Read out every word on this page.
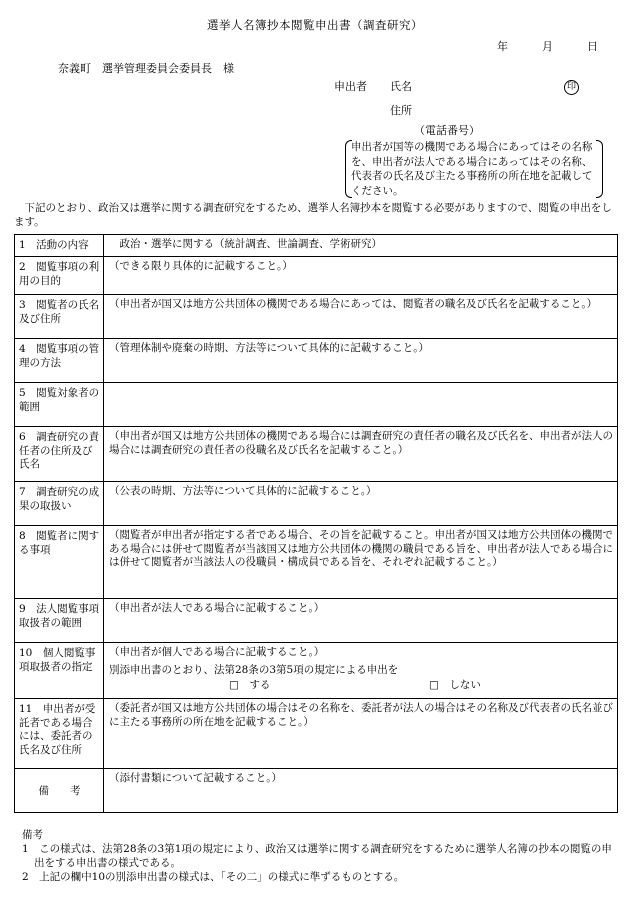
選挙人名簿抄本閲覧申出書（調査研究）
年	月	日
奈義町　選挙管理委員会委員長　様
申出者 氏名	印
住所
（電話番号）
申出者が国等の機関である場合にあってはその名称を、申出者が法人である場合にあってはその名称、代表者の氏名及び主たる事務所の所在地を記載してください。
下記のとおり、政治又は選挙に関する調査研究をするため、選挙人名簿抄本を閲覧する必要がありますので、閲覧の申出をします。
1　活動の内容	　政治・選挙に関する（統計調査、世論調査、学術研究）
2　閲覧事項の利用の目的	（できる限り具体的に記載すること。）
3　閲覧者の氏名及び住所	（申出者が国又は地方公共団体の機関である場合にあっては、閲覧者の職名及び氏名を記載すること。）
4　閲覧事項の管理の方法	（管理体制や廃棄の時期、方法等について具体的に記載すること。）
5　閲覧対象者の範囲	
6　調査研究の責任者の住所及び氏名	（申出者が国又は地方公共団体の機関である場合には調査研究の責任者の職名及び氏名を、申出者が法人の場合には調査研究の責任者の役職名及び氏名を記載すること。）
7　調査研究の成果の取扱い	（公表の時期、方法等について具体的に記載すること。）
8　閲覧者に関する事項	（閲覧者が申出者が指定する者である場合、その旨を記載すること。申出者が国又は地方公共団体の機関である場合には併せて閲覧者が当該国又は地方公共団体の機関の職員である旨を、申出者が法人である場合には併せて閲覧者が当該法人の役職員・構成員である旨を、それぞれ記載すること。）
9　法人閲覧事項取扱者の範囲	（申出者が法人である場合に記載すること。）
10　個人閲覧事項取扱者の指定	（申出者が個人である場合に記載すること。）
別添申出書のとおり、法第28条の3第5項の規定による申出を
□　する □　しない

11　申出者が受託者である場合には、委託者の氏名及び住所	（委託者が国又は地方公共団体の場合はその名称を、委託者が法人の場合はその名称及び代表者の氏名並びに主たる事務所の所在地を記載すること。）
備　　考	（添付書類について記載すること。）
備考
1　この様式は、法第28条の3第1項の規定により、政治又は選挙に関する調査研究をするために選挙人名簿の抄本の閲覧の申出をする申出書の様式である。
2　上記の欄中10の別添申出書の様式は、「その二」の様式に準ずるものとする。
